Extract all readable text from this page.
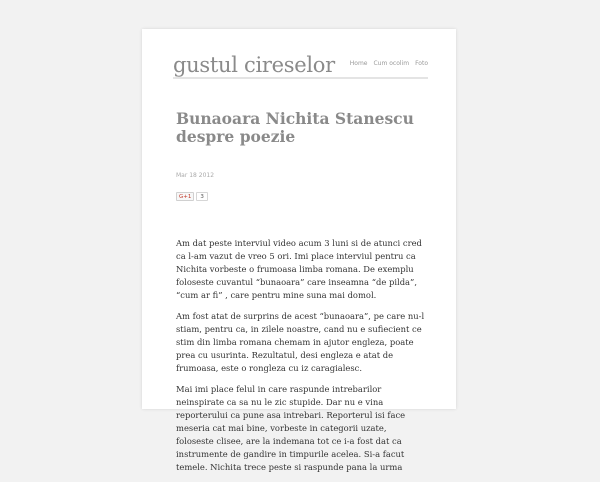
gustul cireselor Home Cum ocolim Foto
Bunaoara Nichita Stanescu despre poezie
Mar 18 2012
G+1	3

Am dat peste interviul video acum 3 luni si de atunci cred ca l-am vazut de vreo 5 ori. Imi place interviul pentru ca Nichita vorbeste o frumoasa limba romana. De exemplu foloseste cuvantul “bunaoara” care inseamna “de pilda”, “cum ar fi” , care pentru mine suna mai domol.

Am fost atat de surprins de acest “bunaoara”, pe care nu-l stiam, pentru ca, in zilele noastre, cand nu e sufiecient ce stim din limba romana chemam in ajutor engleza, poate prea cu usurinta. Rezultatul, desi engleza e atat de frumoasa, este o rongleza cu iz caragialesc.

Mai imi place felul in care raspunde intrebarilor neinspirate ca sa nu le zic stupide. Dar nu e vina reporterului ca pune asa intrebari. Reporterul isi face meseria cat mai bine, vorbeste in categorii uzate, foloseste clisee, are la indemana tot ce i-a fost dat ca instrumente de gandire in timpurile acelea. Si-a facut temele. Nichita trece peste si raspunde pana la urma
